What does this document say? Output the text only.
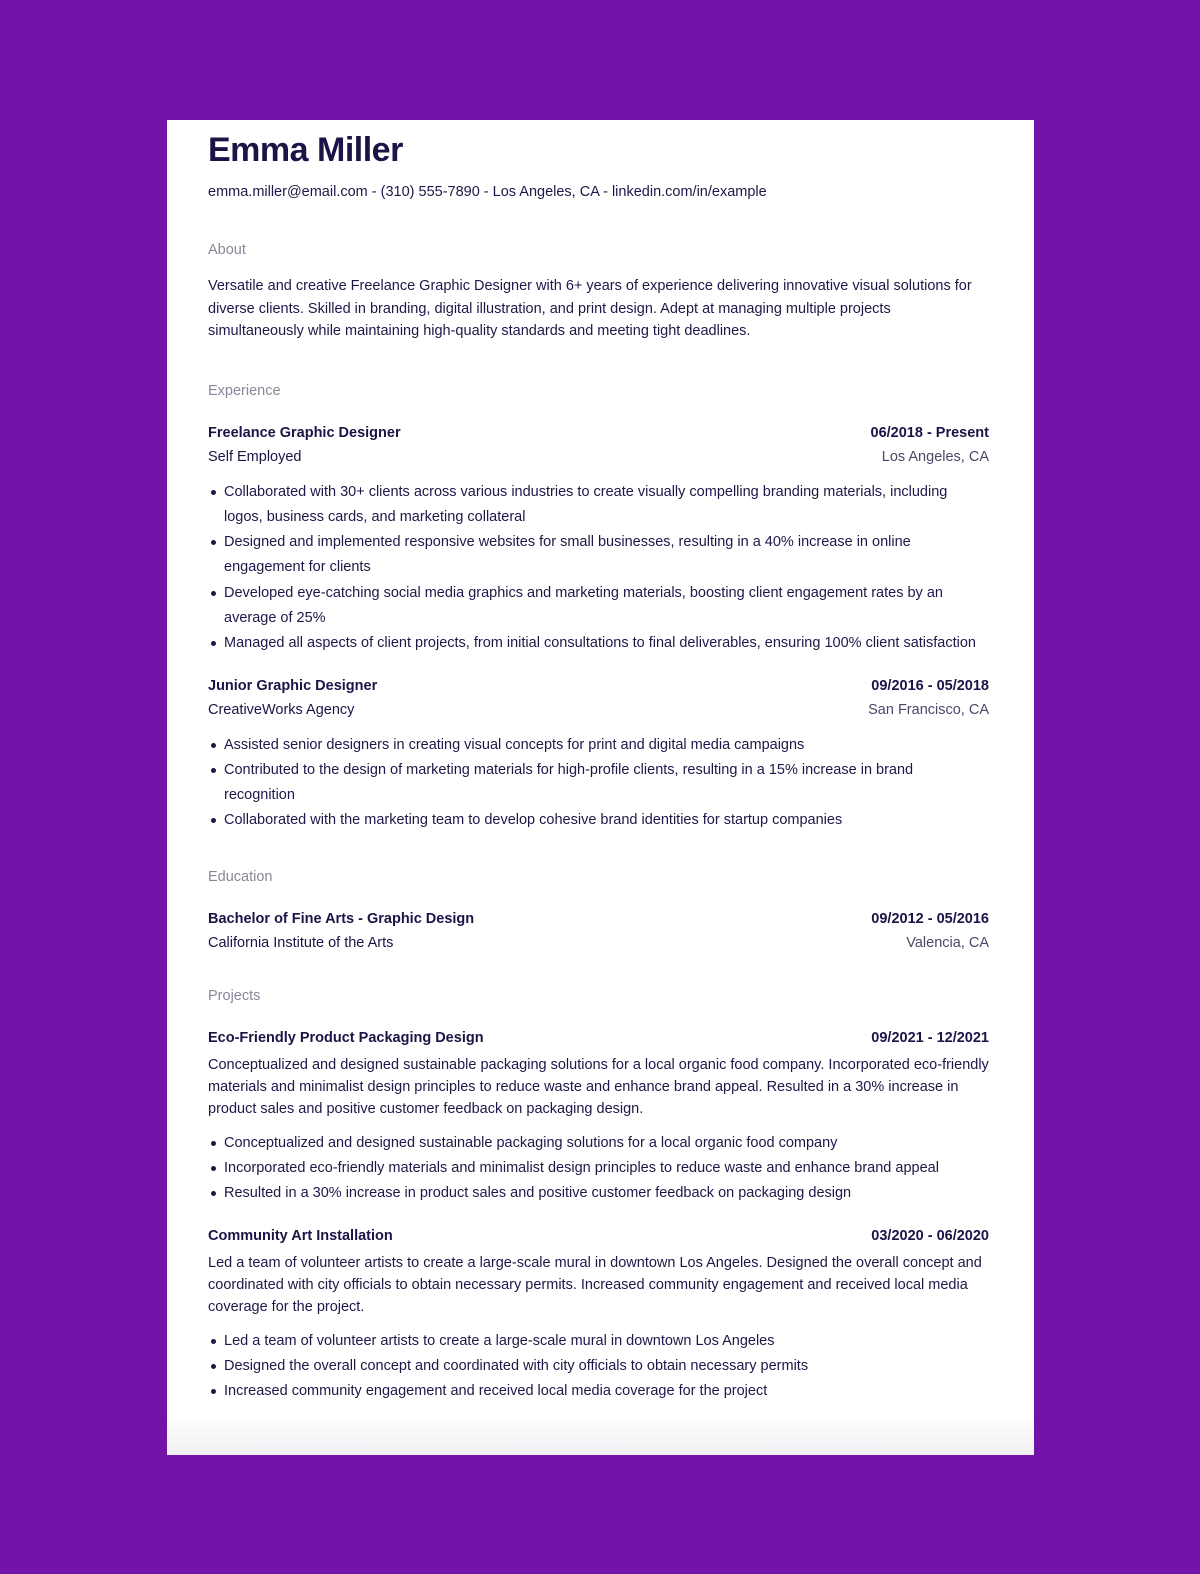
Emma Miller
emma.miller@email.com - (310) 555-7890 - Los Angeles, CA - linkedin.com/in/example
About
Versatile and creative Freelance Graphic Designer with 6+ years of experience delivering innovative visual solutions for diverse clients. Skilled in branding, digital illustration, and print design. Adept at managing multiple projects simultaneously while maintaining high-quality standards and meeting tight deadlines.
Experience
Freelance Graphic Designer	06/2018 - Present
Self Employed	Los Angeles, CA
Collaborated with 30+ clients across various industries to create visually compelling branding materials, including logos, business cards, and marketing collateral
Designed and implemented responsive websites for small businesses, resulting in a 40% increase in online engagement for clients
Developed eye-catching social media graphics and marketing materials, boosting client engagement rates by an average of 25%
Managed all aspects of client projects, from initial consultations to final deliverables, ensuring 100% client satisfaction
Junior Graphic Designer	09/2016 - 05/2018
CreativeWorks Agency	San Francisco, CA
Assisted senior designers in creating visual concepts for print and digital media campaigns
Contributed to the design of marketing materials for high-profile clients, resulting in a 15% increase in brand recognition
Collaborated with the marketing team to develop cohesive brand identities for startup companies
Education
Bachelor of Fine Arts - Graphic Design	09/2012 - 05/2016
California Institute of the Arts	Valencia, CA
Projects
Eco-Friendly Product Packaging Design	09/2021 - 12/2021
Conceptualized and designed sustainable packaging solutions for a local organic food company. Incorporated eco-friendly materials and minimalist design principles to reduce waste and enhance brand appeal. Resulted in a 30% increase in product sales and positive customer feedback on packaging design.
Conceptualized and designed sustainable packaging solutions for a local organic food company
Incorporated eco-friendly materials and minimalist design principles to reduce waste and enhance brand appeal
Resulted in a 30% increase in product sales and positive customer feedback on packaging design
Community Art Installation	03/2020 - 06/2020
Led a team of volunteer artists to create a large-scale mural in downtown Los Angeles. Designed the overall concept and coordinated with city officials to obtain necessary permits. Increased community engagement and received local media coverage for the project.
Led a team of volunteer artists to create a large-scale mural in downtown Los Angeles
Designed the overall concept and coordinated with city officials to obtain necessary permits
Increased community engagement and received local media coverage for the project
